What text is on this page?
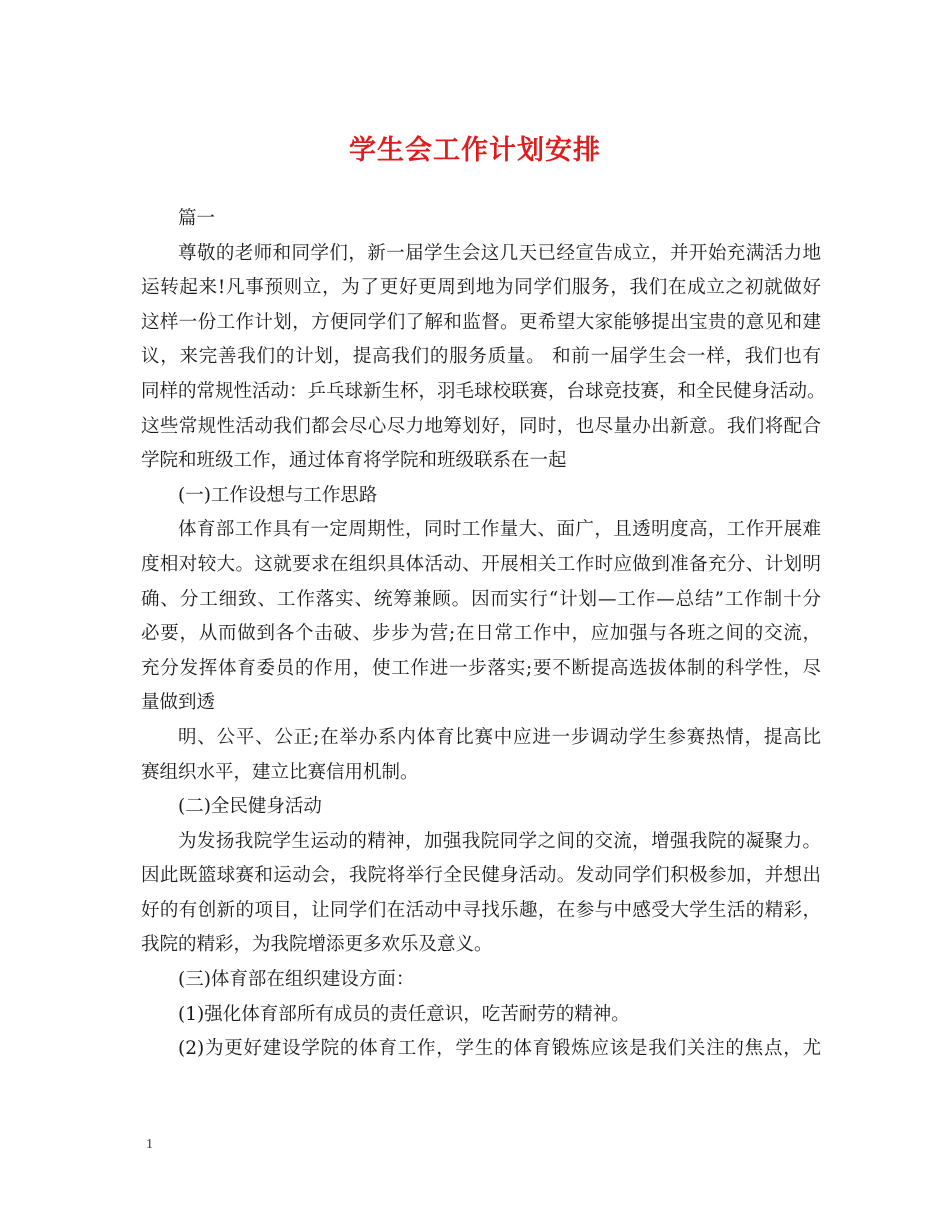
学生会工作计划安排
篇一
尊敬的老师和同学们，新一届学生会这几天已经宣告成立，并开始充满活力地
运转起来!凡事预则立，为了更好更周到地为同学们服务，我们在成立之初就做好
这样一份工作计划，方便同学们了解和监督。更希望大家能够提出宝贵的意见和建
议，来完善我们的计划，提高我们的服务质量。 和前一届学生会一样，我们也有
同样的常规性活动：乒乓球新生杯，羽毛球校联赛，台球竞技赛，和全民健身活动。
这些常规性活动我们都会尽心尽力地筹划好，同时，也尽量办出新意。我们将配合
学院和班级工作，通过体育将学院和班级联系在一起
(一)工作设想与工作思路
体育部工作具有一定周期性，同时工作量大、面广，且透明度高，工作开展难
度相对较大。这就要求在组织具体活动、开展相关工作时应做到准备充分、计划明
确、分工细致、工作落实、统筹兼顾。因而实行“计划—工作—总结”工作制十分
必要，从而做到各个击破、步步为营;在日常工作中，应加强与各班之间的交流，
充分发挥体育委员的作用，使工作进一步落实;要不断提高选拔体制的科学性，尽
量做到透
明、公平、公正;在举办系内体育比赛中应进一步调动学生参赛热情，提高比
赛组织水平，建立比赛信用机制。
(二)全民健身活动
为发扬我院学生运动的精神，加强我院同学之间的交流，增强我院的凝聚力。
因此既篮球赛和运动会，我院将举行全民健身活动。发动同学们积极参加，并想出
好的有创新的项目，让同学们在活动中寻找乐趣，在参与中感受大学生活的精彩，
我院的精彩，为我院增添更多欢乐及意义。
(三)体育部在组织建设方面：
(1)强化体育部所有成员的责任意识，吃苦耐劳的精神。
(2)为更好建设学院的体育工作，学生的体育锻炼应该是我们关注的焦点，尤
1
